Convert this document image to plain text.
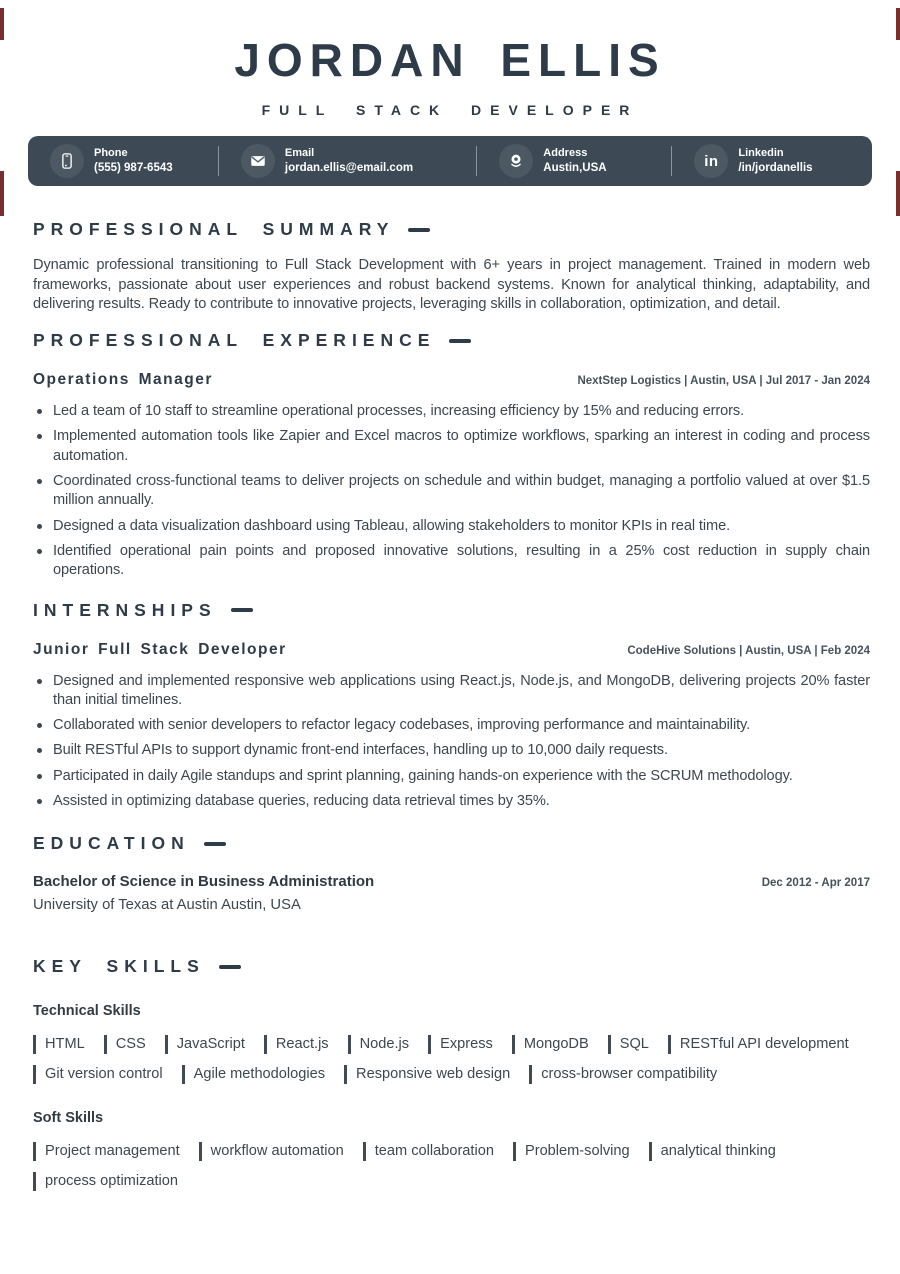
JORDAN ELLIS
FULL STACK DEVELOPER
Phone
(555) 987-6543
Email
jordan.ellis@email.com
Address
Austin,USA	in Linkedin
/in/jordanellis
PROFESSIONAL SUMMARY

Dynamic professional transitioning to Full Stack Development with 6+ years in project management. Trained in modern web frameworks, passionate about user experiences and robust backend systems. Known for analytical thinking, adaptability, and delivering results. Ready to contribute to innovative projects, leveraging skills in collaboration, optimization, and detail.

PROFESSIONAL EXPERIENCE
Operations Manager	NextStep Logistics | Austin, USA | Jul 2017 - Jan 2024
Led a team of 10 staff to streamline operational processes, increasing efficiency by 15% and reducing errors.
Implemented automation tools like Zapier and Excel macros to optimize workflows, sparking an interest in coding and process automation.
Coordinated cross-functional teams to deliver projects on schedule and within budget, managing a portfolio valued at over $1.5 million annually.
Designed a data visualization dashboard using Tableau, allowing stakeholders to monitor KPIs in real time.
Identified operational pain points and proposed innovative solutions, resulting in a 25% cost reduction in supply chain operations.
INTERNSHIPS
Junior Full Stack Developer	CodeHive Solutions | Austin, USA | Feb 2024
Designed and implemented responsive web applications using React.js, Node.js, and MongoDB, delivering projects 20% faster than initial timelines.
Collaborated with senior developers to refactor legacy codebases, improving performance and maintainability.
Built RESTful APIs to support dynamic front-end interfaces, handling up to 10,000 daily requests.
Participated in daily Agile standups and sprint planning, gaining hands-on experience with the SCRUM methodology.
Assisted in optimizing database queries, reducing data retrieval times by 35%.
EDUCATION
Bachelor of Science in Business Administration	Dec 2012 - Apr 2017
University of Texas at Austin Austin, USA
KEY SKILLS
Technical Skills
HTML	CSS	JavaScript	React.js	Node.js	Express	MongoDB	SQL	RESTful API development
Git version control	Agile methodologies	Responsive web design	cross-browser compatibility
Soft Skills
Project management	workflow automation	team collaboration	Problem-solving	analytical thinking
process optimization
